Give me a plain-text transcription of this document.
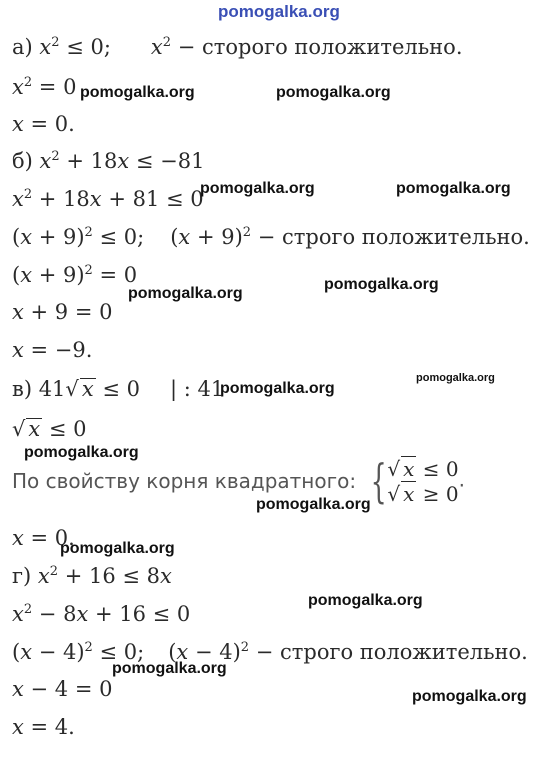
pomogalka.org
а) $x^2 \le 0$; $x^2$ − сторого положительно.
$x^2 = 0$
x = 0.
б) $x^2 + 18x \le -81$
$x^2 + 18x + 81 \le 0$
$(x + 9)^2 \le 0$; $(x + 9)^2$ − строго положительно.
$(x + 9)^2 = 0$
x + 9 = 0
x = −9.
в) 41√ x ≤ 0 | : 41
√ x ≤ 0
По свойству корня квадратного: {√ x ≤ 0
√ x ≥ 0.
x = 0.
г) $x^2 + 16 \le 8x$
$x^2 - 8x + 16 \le 0$
$(x - 4)^2 \le 0$; $(x - 4)^2$ − строго положительно.
x − 4 = 0
x = 4.
pomogalka.org	pomogalka.org
pomogalka.org	pomogalka.org
pomogalka.org
pomogalka.org
pomogalka.org
pomogalka.org
pomogalka.org
pomogalka.org
pomogalka.org
pomogalka.org
pomogalka.org
pomogalka.org
